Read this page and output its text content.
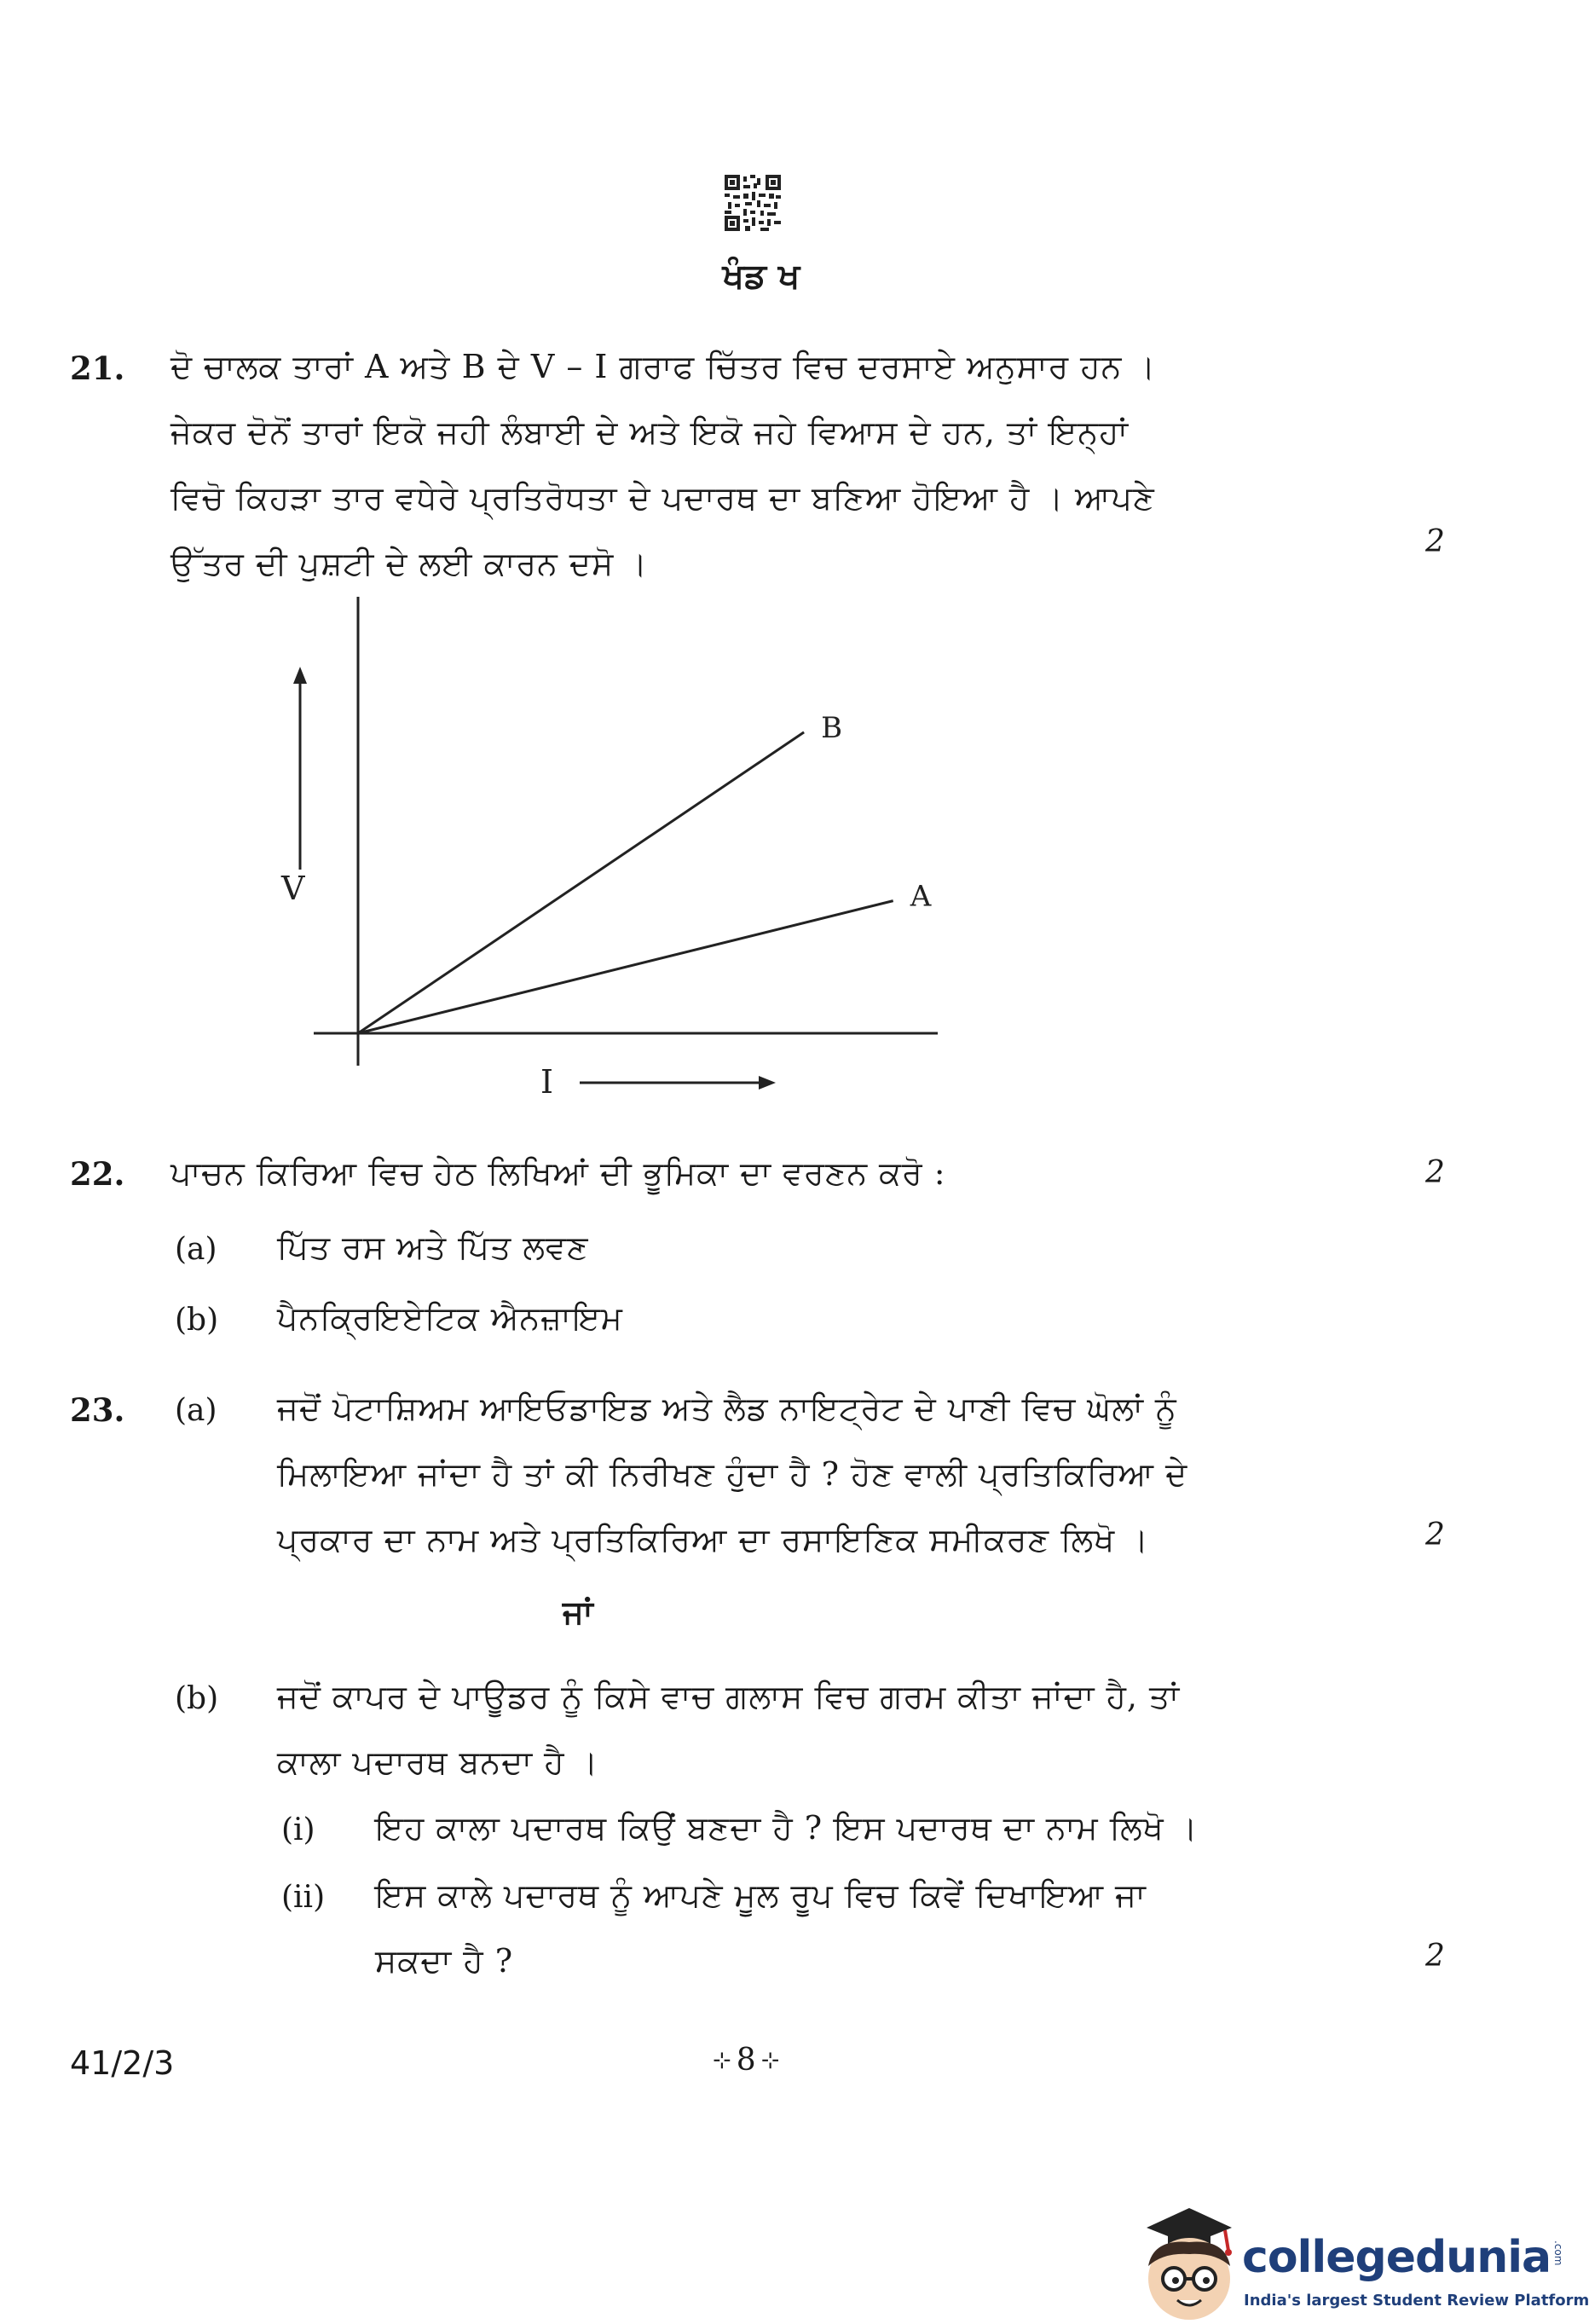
ਖੰਡ ਖ
21. ਦੋ ਚਾਲਕ ਤਾਰਾਂ A ਅਤੇ B ਦੇ V – I ਗਰਾਫ ਚਿੱਤਰ ਵਿਚ ਦਰਸਾਏ ਅਨੁਸਾਰ ਹਨ ।
ਜੇਕਰ ਦੋਨੋਂ ਤਾਰਾਂ ਇਕੋ ਜਹੀ ਲੰਬਾਈ ਦੇ ਅਤੇ ਇਕੋ ਜਹੇ ਵਿਆਸ ਦੇ ਹਨ, ਤਾਂ ਇਨ੍ਹਾਂ
ਵਿਚੋ ਕਿਹੜਾ ਤਾਰ ਵਧੇਰੇ ਪ੍ਰਤਿਰੋਧਤਾ ਦੇ ਪਦਾਰਥ ਦਾ ਬਣਿਆ ਹੋਇਆ ਹੈ । ਆਪਣੇ
ਉੱਤਰ ਦੀ ਪੁਸ਼ਟੀ ਦੇ ਲਈ ਕਾਰਨ ਦਸੋ ।
2
V
I
B
A
22. ਪਾਚਨ ਕਿਰਿਆ ਵਿਚ ਹੇਠ ਲਿਖਿਆਂ ਦੀ ਭੂਮਿਕਾ ਦਾ ਵਰਣਨ ਕਰੋ :	2
(a) ਪਿੱਤ ਰਸ ਅਤੇ ਪਿੱਤ ਲਵਣ
(b) ਪੈਨਕ੍ਰਿਇਏਟਿਕ ਐਨਜ਼ਾਇਮ
23. (a) ਜਦੋਂ ਪੋਟਾਸ਼ਿਅਮ ਆਇਓਡਾਇਡ ਅਤੇ ਲੈਡ ਨਾਇਟ੍ਰੇਟ ਦੇ ਪਾਣੀ ਵਿਚ ਘੋਲਾਂ ਨੂੰ
ਮਿਲਾਇਆ ਜਾਂਦਾ ਹੈ ਤਾਂ ਕੀ ਨਿਰੀਖਣ ਹੁੰਦਾ ਹੈ ? ਹੋਣ ਵਾਲੀ ਪ੍ਰਤਿਕਿਰਿਆ ਦੇ
ਪ੍ਰਕਾਰ ਦਾ ਨਾਮ ਅਤੇ ਪ੍ਰਤਿਕਿਰਿਆ ਦਾ ਰਸਾਇਣਿਕ ਸਮੀਕਰਣ ਲਿਖੋ ।	2
ਜਾਂ
(b) ਜਦੋਂ ਕਾਪਰ ਦੇ ਪਾਊਡਰ ਨੂੰ ਕਿਸੇ ਵਾਚ ਗਲਾਸ ਵਿਚ ਗਰਮ ਕੀਤਾ ਜਾਂਦਾ ਹੈ, ਤਾਂ
ਕਾਲਾ ਪਦਾਰਥ ਬਨਦਾ ਹੈ ।
(i) ਇਹ ਕਾਲਾ ਪਦਾਰਥ ਕਿਉਂ ਬਣਦਾ ਹੈ ? ਇਸ ਪਦਾਰਥ ਦਾ ਨਾਮ ਲਿਖੋ ।
(ii) ਇਸ ਕਾਲੇ ਪਦਾਰਥ ਨੂੰ ਆਪਣੇ ਮੂਲ ਰੂਪ ਵਿਚ ਕਿਵੇਂ ਦਿਖਾਇਆ ਜਾ
ਸਕਦਾ ਹੈ ?	2
41/2/3	⊹ 8 ⊹
collegedunia .com
India's largest Student Review Platform
